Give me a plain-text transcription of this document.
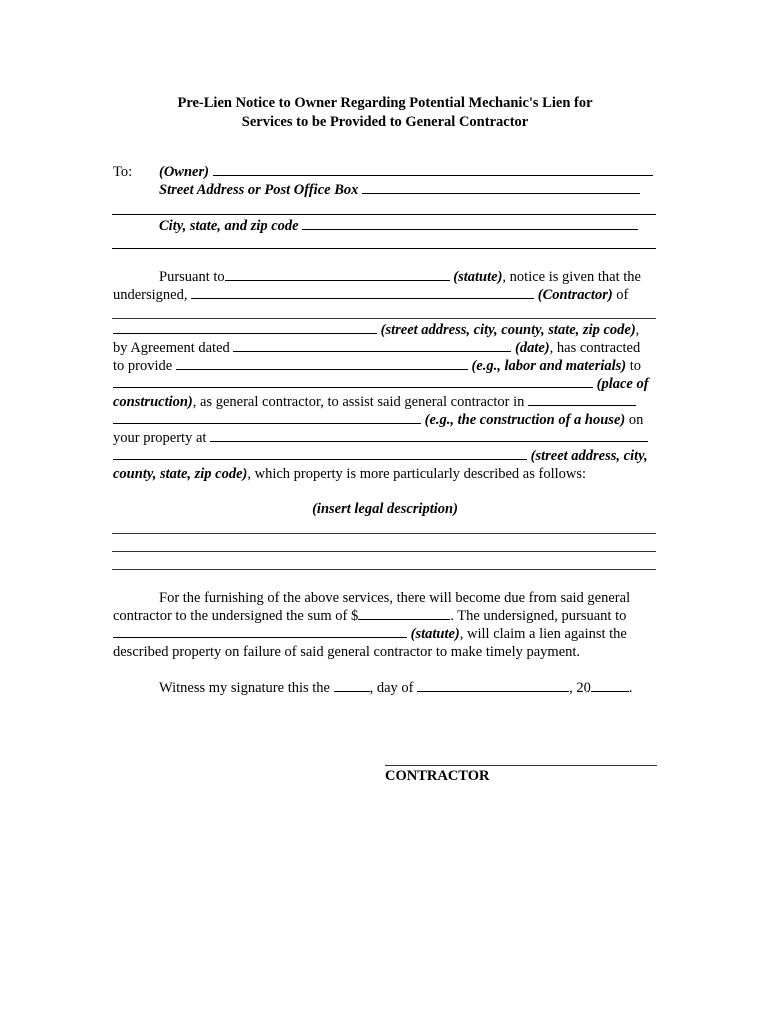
Pre-Lien Notice to Owner Regarding Potential Mechanic's Lien for
Services to be Provided to General Contractor
To: (Owner)
Street Address or Post Office Box
City, state, and zip code
Pursuant to	(statute), notice is given that the
undersigned,	(Contractor) of
(street address, city, county, state, zip code),
by Agreement dated	(date), has contracted
to provide	(e.g., labor and materials) to
(place of
construction), as general contractor, to assist said general contractor in
(e.g., the construction of a house) on
your property at
(street address, city,
county, state, zip code), which property is more particularly described as follows:
(insert legal description)
For the furnishing of the above services, there will become due from said general
contractor to the undersigned the sum of $	. The undersigned, pursuant to
(statute), will claim a lien against the
described property on failure of said general contractor to make timely payment.
Witness my signature this the	, day of	, 20	.
CONTRACTOR
